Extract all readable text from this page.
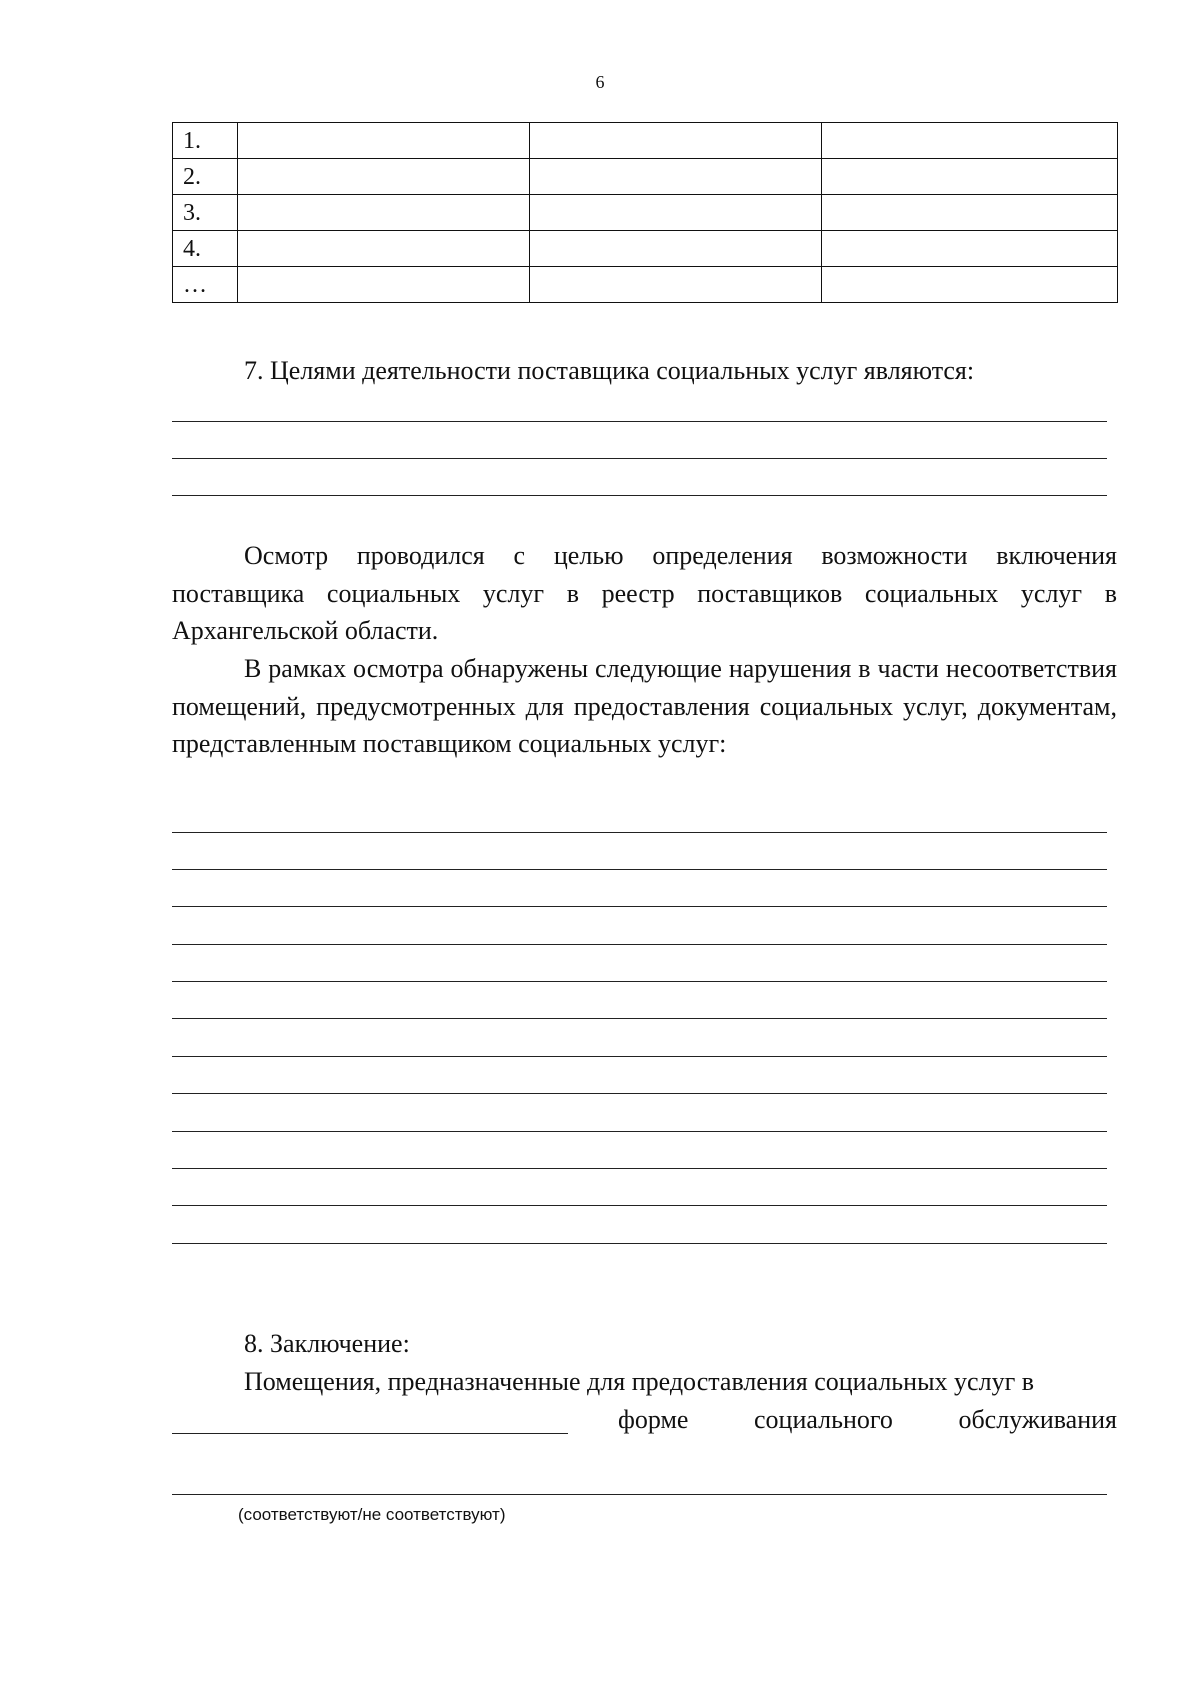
6
1.			
2.			
3.			
4.			
…			

7. Целями деятельности поставщика социальных услуг являются:

Осмотр проводился с целью определения возможности включения поставщика социальных услуг в реестр поставщиков социальных услуг в Архангельской области.

В рамках осмотра обнаружены следующие нарушения в части несоответствия помещений, предусмотренных для предоставления социальных услуг, документам, представленным поставщиком социальных услуг:

8. Заключение:

Помещения, предназначенные для предоставления социальных услуг в

форме	социального	обслуживания
(соответствуют/не соответствуют)
